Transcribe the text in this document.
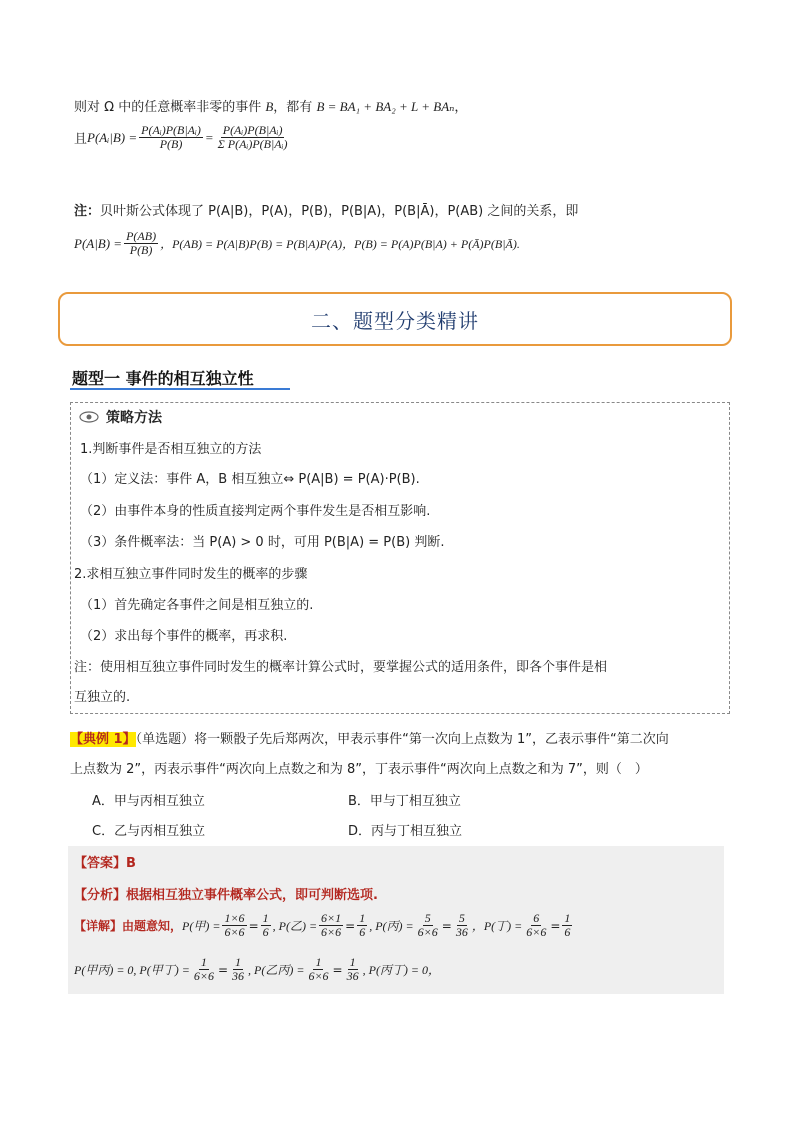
则对 Ω 中的任意概率非零的事件 B，都有 B = BA₁ + BA₂ + L + BAₙ，
且 P(Aᵢ|B) = $\frac{\text{P(Aᵢ)P(B|Aᵢ)}}{P(B)} = \frac{\text{P(Aᵢ)P(B|Aᵢ)}}{\text{Σ P(Aᵢ)P(B|Aᵢ)}}$
注：贝叶斯公式体现了 P(A|B)，P(A)，P(B)，P(B|A)，P(B|Ā)，P(AB) 之间的关系，即
$P(A|B) = \frac{P(AB)}{P(B)}$ ，P(AB) = P(A|B)P(B) = P(B|A)P(A)，P(B) = P(A)P(B|A) + P(Ā)P(B|Ā).
二、题型分类精讲
题型一 事件的相互独立性
策略方法
1.判断事件是否相互独立的方法
（1）定义法：事件 A，B 相互独立⇔ P(A|B) = P(A)·P(B).
（2）由事件本身的性质直接判定两个事件发生是否相互影响.
（3）条件概率法：当 P(A) > 0 时，可用 P(B|A) = P(B) 判断.
2.求相互独立事件同时发生的概率的步骤
（1）首先确定各事件之间是相互独立的.
（2）求出每个事件的概率，再求积.
注：使用相互独立事件同时发生的概率计算公式时，要掌握公式的适用条件，即各个事件是相
互独立的.
【典例 1】（单选题）将一颗骰子先后郑两次，甲表示事件“第一次向上点数为 1”，乙表示事件“第二次向
上点数为 2”，丙表示事件“两次向上点数之和为 8”，丁表示事件“两次向上点数之和为 7”，则（　）
A．甲与丙相互独立	B．甲与丁相互独立
C．乙与丙相互独立	D．丙与丁相互独立
【答案】B
【分析】根据相互独立事件概率公式，即可判断选项.
【详解】 由题意知， P(甲) = $\frac{1\times 6}{6\times 6} = \frac{1}{6}$ , P(乙) = $\frac{6\times 1}{6\times 6} = \frac{1}{6}$ , P(丙) = $\frac{5}{6\times 6} = \frac{5}{36}$ ，P(丁) = $\frac{6}{6\times 6} = \frac{1}{6}$
P(甲丙) = 0, P(甲丁) = $\frac{1}{6\times 6} = \frac{1}{36}$ , P(乙丙) = $\frac{1}{6\times 6} = \frac{1}{36}$ , P(丙丁) = 0，
